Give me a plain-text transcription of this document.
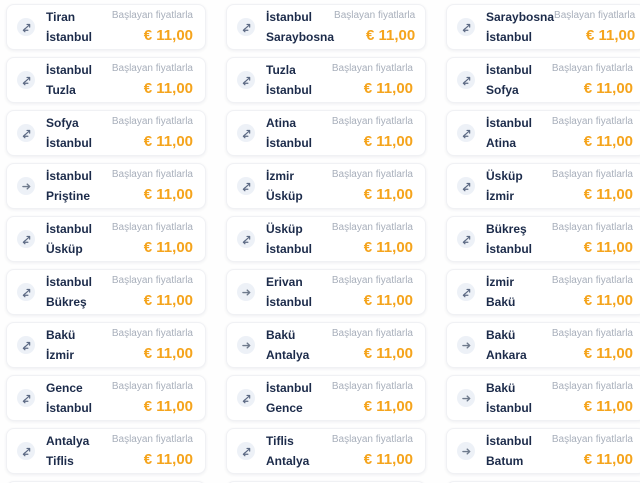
Tiran
İstanbul
Başlayan fiyatlarla
€ 11,00
İstanbul
Saraybosna
Başlayan fiyatlarla
€ 11,00
Saraybosna
İstanbul
Başlayan fiyatlarla
€ 11,00
İstanbul
Tuzla
Başlayan fiyatlarla
€ 11,00
Tuzla
İstanbul
Başlayan fiyatlarla
€ 11,00
İstanbul
Sofya
Başlayan fiyatlarla
€ 11,00
Sofya
İstanbul
Başlayan fiyatlarla
€ 11,00
Atina
İstanbul
Başlayan fiyatlarla
€ 11,00
İstanbul
Atina
Başlayan fiyatlarla
€ 11,00
İstanbul
Priştine
Başlayan fiyatlarla
€ 11,00
İzmir
Üsküp
Başlayan fiyatlarla
€ 11,00
Üsküp
İzmir
Başlayan fiyatlarla
€ 11,00
İstanbul
Üsküp
Başlayan fiyatlarla
€ 11,00
Üsküp
İstanbul
Başlayan fiyatlarla
€ 11,00
Bükreş
İstanbul
Başlayan fiyatlarla
€ 11,00
İstanbul
Bükreş
Başlayan fiyatlarla
€ 11,00
Erivan
İstanbul
Başlayan fiyatlarla
€ 11,00
İzmir
Bakü
Başlayan fiyatlarla
€ 11,00
Bakü
İzmir
Başlayan fiyatlarla
€ 11,00
Bakü
Antalya
Başlayan fiyatlarla
€ 11,00
Bakü
Ankara
Başlayan fiyatlarla
€ 11,00
Gence
İstanbul
Başlayan fiyatlarla
€ 11,00
İstanbul
Gence
Başlayan fiyatlarla
€ 11,00
Bakü
İstanbul
Başlayan fiyatlarla
€ 11,00
Antalya
Tiflis
Başlayan fiyatlarla
€ 11,00
Tiflis
Antalya
Başlayan fiyatlarla
€ 11,00
İstanbul
Batum
Başlayan fiyatlarla
€ 11,00
